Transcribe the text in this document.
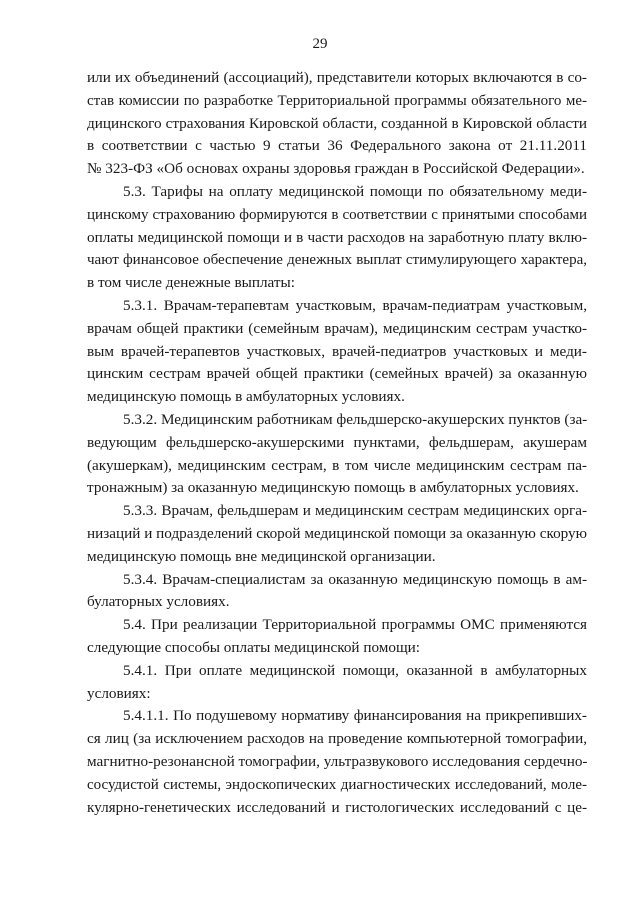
29
или их объединений (ассоциаций), представители которых включаются в со-
став комиссии по разработке Территориальной программы обязательного ме-
дицинского страхования Кировской области, созданной в Кировской области
в соответствии с частью 9 статьи 36 Федерального закона от 21.11.2011
№ 323-ФЗ «Об основах охраны здоровья граждан в Российской Федерации».
5.3. Тарифы на оплату медицинской помощи по обязательному меди-
цинскому страхованию формируются в соответствии с принятыми способами
оплаты медицинской помощи и в части расходов на заработную плату вклю-
чают финансовое обеспечение денежных выплат стимулирующего характера,
в том числе денежные выплаты:
5.3.1. Врачам-терапевтам участковым, врачам-педиатрам участковым,
врачам общей практики (семейным врачам), медицинским сестрам участко-
вым врачей-терапевтов участковых, врачей-педиатров участковых и меди-
цинским сестрам врачей общей практики (семейных врачей) за оказанную
медицинскую помощь в амбулаторных условиях.
5.3.2. Медицинским работникам фельдшерско-акушерских пунктов (за-
ведующим фельдшерско-акушерскими пунктами, фельдшерам, акушерам
(акушеркам), медицинским сестрам, в том числе медицинским сестрам па-
тронажным) за оказанную медицинскую помощь в амбулаторных условиях.
5.3.3. Врачам, фельдшерам и медицинским сестрам медицинских орга-
низаций и подразделений скорой медицинской помощи за оказанную скорую
медицинскую помощь вне медицинской организации.
5.3.4. Врачам-специалистам за оказанную медицинскую помощь в ам-
булаторных условиях.
5.4. При реализации Территориальной программы ОМС применяются
следующие способы оплаты медицинской помощи:
5.4.1. При оплате медицинской помощи, оказанной в амбулаторных
условиях:
5.4.1.1. По подушевому нормативу финансирования на прикрепивших-
ся лиц (за исключением расходов на проведение компьютерной томографии,
магнитно-резонансной томографии, ультразвукового исследования сердечно-
сосудистой системы, эндоскопических диагностических исследований, моле-
кулярно-генетических исследований и гистологических исследований с це-
